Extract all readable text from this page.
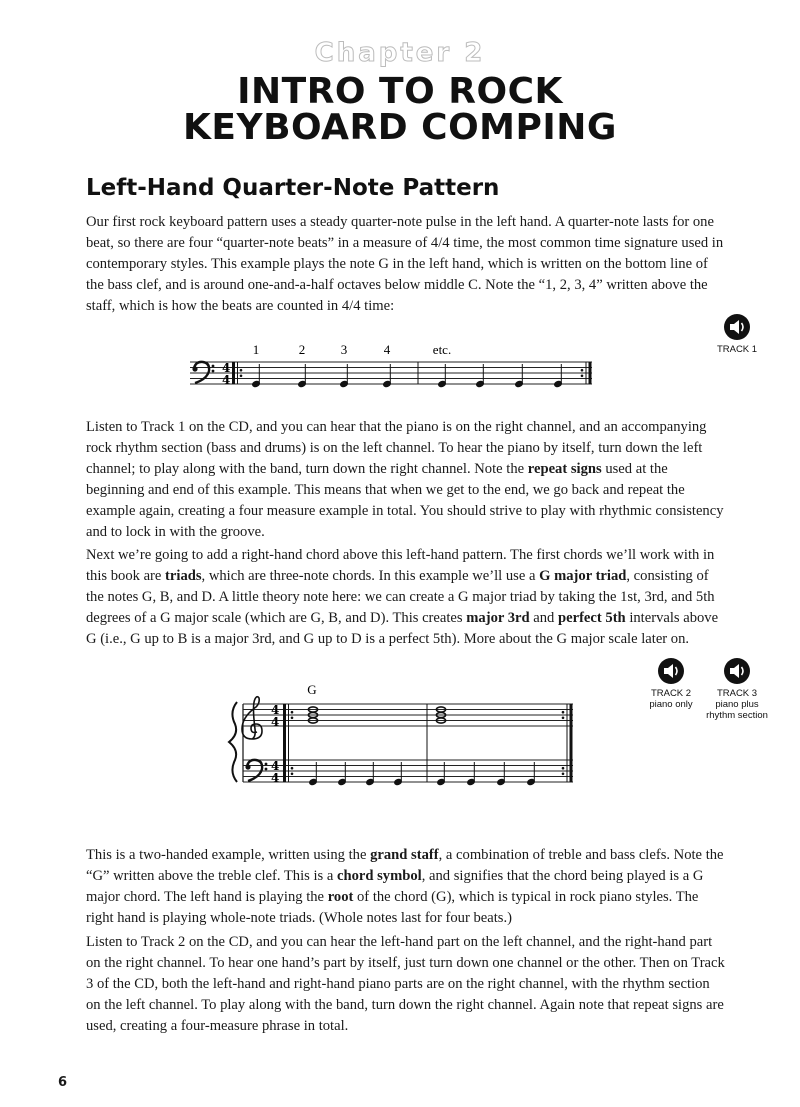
Chapter 2
INTRO TO ROCK
KEYBOARD COMPING
Left-Hand Quarter-Note Pattern

Our first rock keyboard pattern uses a steady quarter-note pulse in the left hand. A quarter-note lasts for one beat, so there are four “quarter-note beats” in a measure of 4/4 time, the most common time signature used in contemporary styles. This example plays the note G in the left hand, which is written on the bottom line of the bass clef, and is around one-and-a-half octaves below middle C. Note the “1, 2, 3, 4” written above the staff, which is how the beats are counted in 4/4 time:

TRACK 1
1	2	3	4	etc.
4
4

Listen to Track 1 on the CD, and you can hear that the piano is on the right channel, and an accompanying rock rhythm section (bass and drums) is on the left channel. To hear the piano by itself, turn down the left channel; to play along with the band, turn down the right channel. Note the repeat signs used at the beginning and end of this example. This means that when we get to the end, we go back and repeat the example again, creating a four measure example in total. You should strive to play with rhythmic consistency and to lock in with the groove.

Next we’re going to add a right-hand chord above this left-hand pattern. The first chords we’ll work with in this book are triads, which are three-note chords. In this example we’ll use a G major triad, consisting of the notes G, B, and D. A little theory note here: we can create a G major triad by taking the 1st, 3rd, and 5th degrees of a G major scale (which are G, B, and D). This creates major 3rd and perfect 5th intervals above G (i.e., G up to B is a major 3rd, and G up to D is a perfect 5th). More about the G major scale later on.

TRACK 2
piano only
TRACK 3
piano plus
rhythm section
G
4
4
4
4

This is a two-handed example, written using the grand staff, a combination of treble and bass clefs. Note the “G” written above the treble clef. This is a chord symbol, and signifies that the chord being played is a G major chord. The left hand is playing the root of the chord (G), which is typical in rock piano styles. The right hand is playing whole-note triads. (Whole notes last for four beats.)

Listen to Track 2 on the CD, and you can hear the left-hand part on the left channel, and the right-hand part on the right channel. To hear one hand’s part by itself, just turn down one channel or the other. Then on Track 3 of the CD, both the left-hand and right-hand piano parts are on the right channel, with the rhythm section on the left channel. To play along with the band, turn down the right channel. Again note that repeat signs are used, creating a four-measure phrase in total.

6
